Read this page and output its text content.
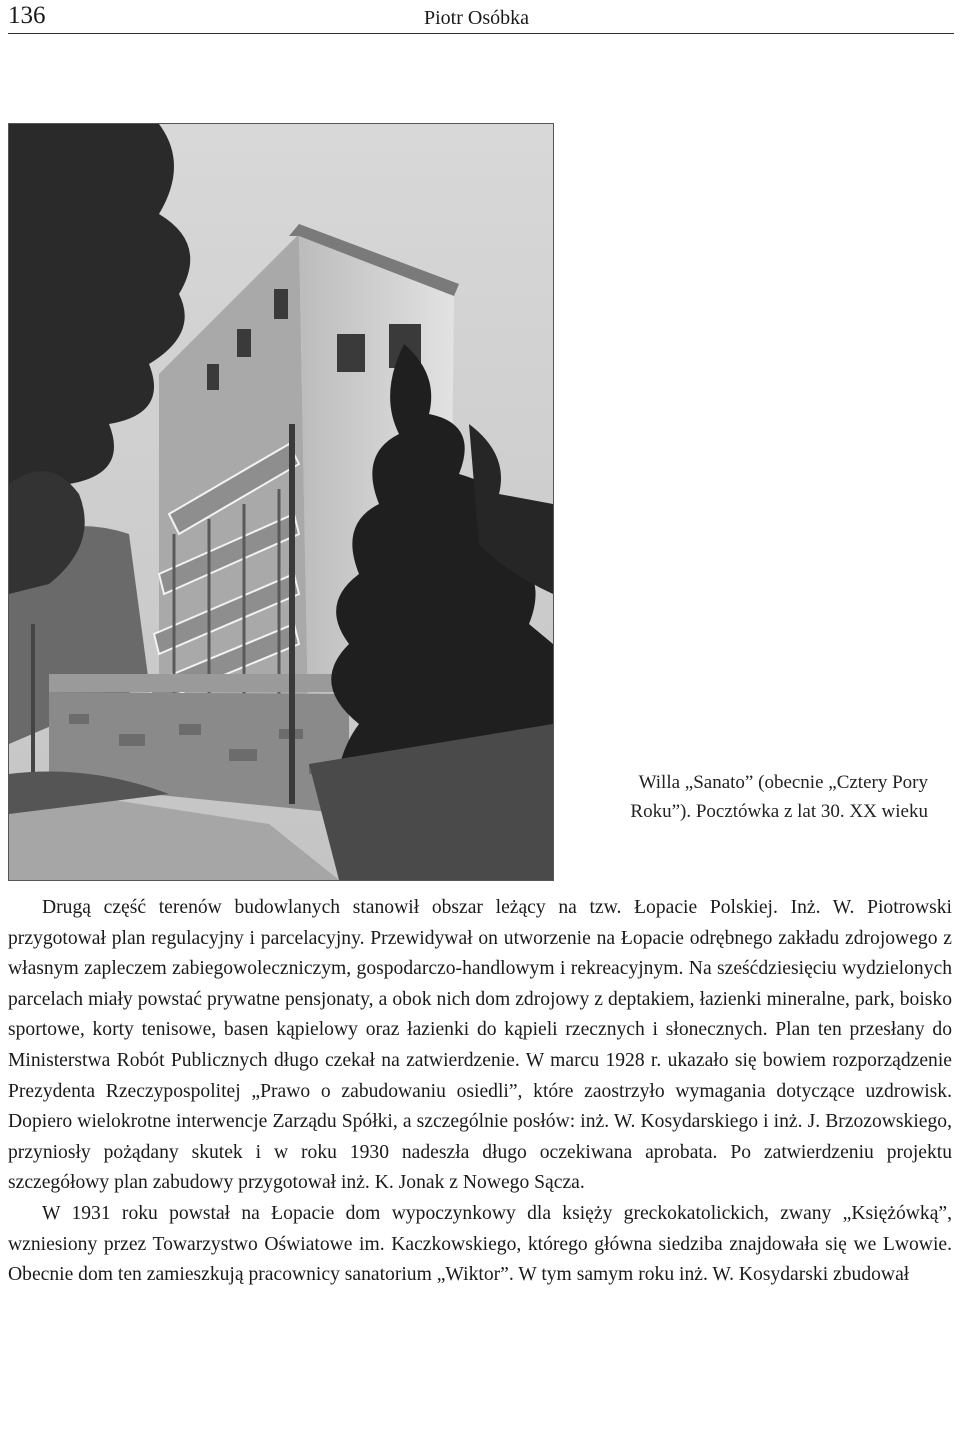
136	Piotr Osóbka
Willa „Sanato” (obecnie „Cztery Pory Roku”). Pocztówka z lat 30. XX wieku

Drugą część terenów budowlanych stanowił obszar leżący na tzw. Łopacie Polskiej. Inż. W. Piotrowski przygotował plan regulacyjny i parcelacyjny. Przewidywał on utworzenie na Łopacie odrębnego zakładu zdrojowego z własnym zapleczem zabiegowoleczniczym, gospodarczo-handlowym i rekreacyjnym. Na sześćdziesięciu wydzielonych parcelach miały powstać prywatne pensjonaty, a obok nich dom zdrojowy z deptakiem, łazienki mineralne, park, boisko sportowe, korty tenisowe, basen kąpielowy oraz łazienki do kąpieli rzecznych i słonecznych. Plan ten przesłany do Ministerstwa Robót Publicznych długo czekał na zatwierdzenie. W marcu 1928 r. ukazało się bowiem rozporządzenie Prezydenta Rzeczypospolitej „Prawo o zabudowaniu osiedli”, które zaostrzyło wymagania dotyczące uzdrowisk. Dopiero wielokrotne interwencje Zarządu Spółki, a szczególnie posłów: inż. W. Kosydarskiego i inż. J. Brzozowskiego, przyniosły pożądany skutek i w roku 1930 nadeszła długo oczekiwana aprobata. Po zatwierdzeniu projektu szczegółowy plan zabudowy przygotował inż. K. Jonak z Nowego Sącza.

W 1931 roku powstał na Łopacie dom wypoczynkowy dla księży greckokatolickich, zwany „Księżówką”, wzniesiony przez Towarzystwo Oświatowe im. Kaczkowskiego, którego główna siedziba znajdowała się we Lwowie. Obecnie dom ten zamieszkują pracownicy sanatorium „Wiktor”. W tym samym roku inż. W. Kosydarski zbudował
